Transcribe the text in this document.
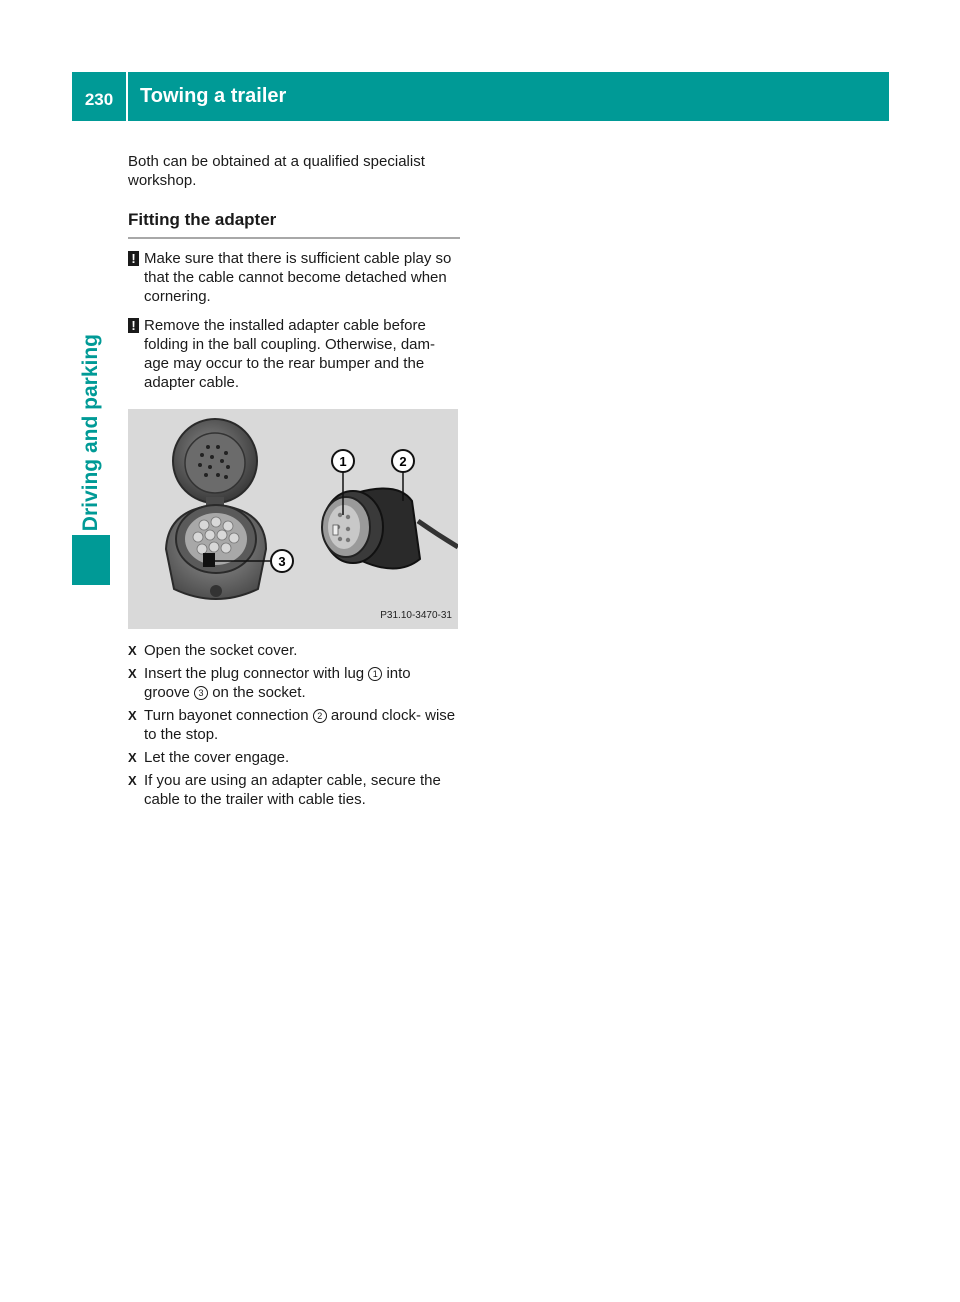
230	Towing a trailer
Driving and parking

Both can be obtained at a qualified specialist workshop.

Fitting the adapter

! Make sure that there is sufficient cable play so that the cable cannot become detached when cornering.

! Remove the installed adapter cable before folding in the ball coupling. Otherwise, dam- age may occur to the rear bumper and the adapter cable.

1	2
3
P31.10-3470-31

X Open the socket cover.

X Insert the plug connector with lug 1 into groove 3 on the socket.

X Turn bayonet connection 2 around clock- wise to the stop.

X Let the cover engage.

X If you are using an adapter cable, secure the cable to the trailer with cable ties.
